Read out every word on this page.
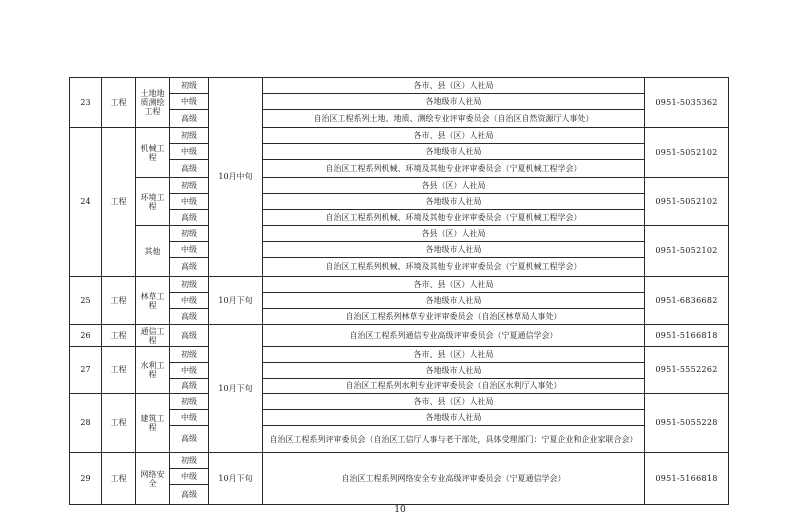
23	工程	土地地质测绘工程	初级	10月中旬	各市、县（区）人社局	0951-5035362
			中级		各地级市人社局	
			高级		自治区工程系列土地、地质、测绘专业评审委员会（自治区自然资源厅人事处）	
24	工程	机械工程	初级		各市、县（区）人社局	0951-5052102
			中级		各地级市人社局	
			高级		自治区工程系列机械、环境及其他专业评审委员会（宁夏机械工程学会）	
		环境工程	初级		各县（区）人社局	0951-5052102
			中级		各地级市人社局	
			高级		自治区工程系列机械、环境及其他专业评审委员会（宁夏机械工程学会）	
		其他	初级		各县（区）人社局	0951-5052102
			中级		各地级市人社局	
			高级		自治区工程系列机械、环境及其他专业评审委员会（宁夏机械工程学会）	
25	工程	林草工程	初级	10月下旬	各市、县（区）人社局	0951-6836682
			中级		各地级市人社局	
			高级		自治区工程系列林草专业评审委员会（自治区林草局人事处）	
26	工程	通信工程	高级	10月下旬	自治区工程系列通信专业高级评审委员会（宁夏通信学会）	0951-5166818
27	工程	水利工程	初级		各市、县（区）人社局	0951-5552262
			中级		各地级市人社局	
			高级		自治区工程系列水利专业评审委员会（自治区水利厅人事处）	
28	工程	建筑工程	初级		各市、县（区）人社局	0951-5055228
			中级		各地级市人社局	
			高级		自治区工程系列评审委员会（自治区工信厅人事与老干部处，具体受理部门：宁夏企业和企业家联合会）	
29	工程	网络安全	初级	10月下旬	自治区工程系列网络安全专业高级评审委员会（宁夏通信学会）	0951-5166818
			中级			
			高级			
10
